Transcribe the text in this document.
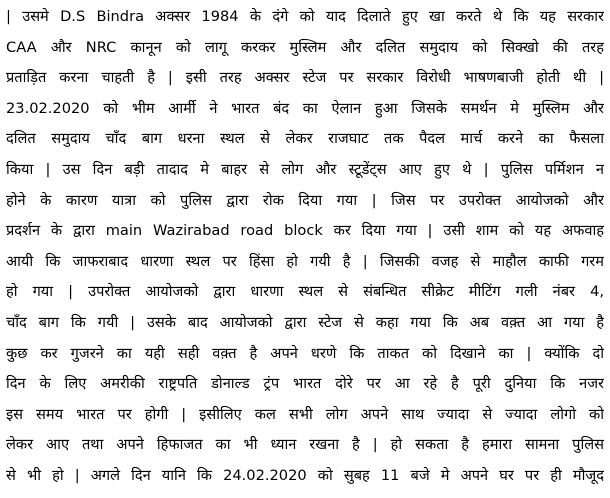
| उसमे D.S Bindra अक्सर 1984 के दंगे को याद दिलाते हुए खा करते थे कि यह सरकार
CAA और NRC कानून को लागू करकर मुस्लिम और दलित समुदाय को सिक्खो की तरह
प्रताड़ित करना चाहती है | इसी तरह अक्सर स्टेज पर सरकार विरोधी भाषणबाजी होती थी |
23.02.2020 को भीम आर्मी ने भारत बंद का ऐलान हुआ जिसके समर्थन मे मुस्लिम और
दलित समुदाय चाँद बाग धरना स्थल से लेकर राजघाट तक पैदल मार्च करने का फैसला
किया | उस दिन बड़ी तादाद मे बाहर से लोग और स्टूडेंट्स आए हुए थे | पुलिस पर्मिशन न
होने के कारण यात्रा को पुलिस द्वारा रोक दिया गया | जिस पर उपरोक्त आयोजको और
प्रदर्शन के द्वारा main Wazirabad road block कर दिया गया | उसी शाम को यह अफवाह
आयी कि जाफराबाद धारणा स्थल पर हिंसा हो गयी है | जिसकी वजह से माहौल काफी गरम
हो गया | उपरोक्त आयोजको द्वारा धारणा स्थल से संबन्धित सीक्रेट मीटिंग गली नंबर 4,
चाँद बाग कि गयी | उसके बाद आयोजको द्वारा स्टेज से कहा गया कि अब वक़्त आ गया है
कुछ कर गुजरने का यही सही वक़्त है अपने धरणे कि ताकत को दिखाने का | क्योंकि दो
दिन के लिए अमरीकी राष्ट्रपति डोनाल्ड ट्रंप भारत दोरे पर आ रहे है पूरी दुनिया कि नजर
इस समय भारत पर होगी | इसीलिए कल सभी लोग अपने साथ ज्यादा से ज्यादा लोगो को
लेकर आए तथा अपने हिफाजत का भी ध्यान रखना है | हो सकता है हमारा सामना पुलिस
से भी हो | अगले दिन यानि कि 24.02.2020 को सुबह 11 बजे मे अपने घर पर ही मौजूद
